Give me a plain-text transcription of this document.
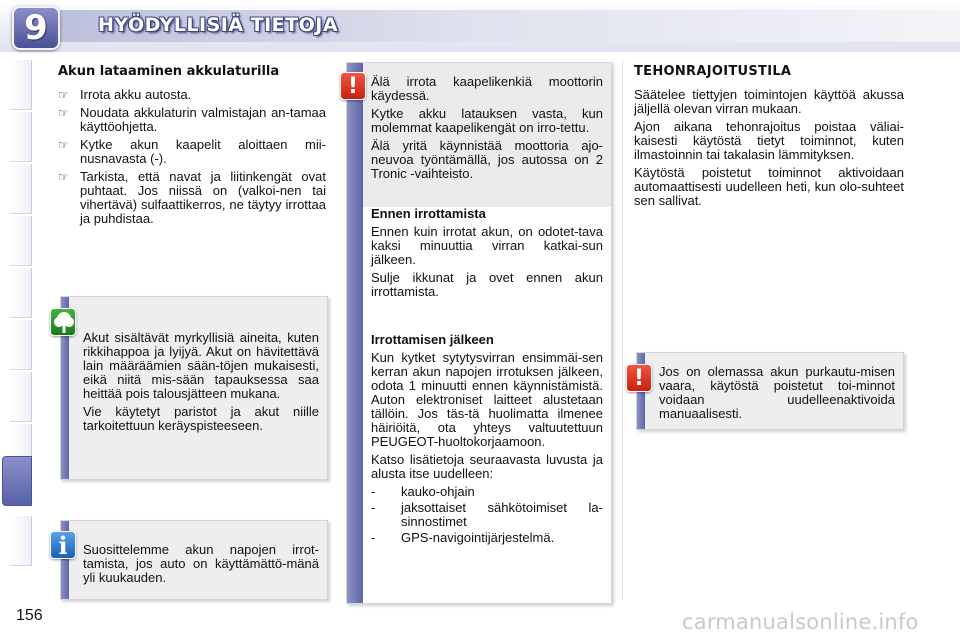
9	HYÖDYLLISIÄ TIETOJA
Akun lataaminen akkulaturilla
☞ Irrota akku autosta.
☞ Noudata akkulaturin valmistajan an-tamaa käyttöohjetta.
☞ Kytke akun kaapelit aloittaen mii-nusnavasta (-).
☞ Tarkista, että navat ja liitinkengät ovat puhtaat. Jos niissä on (valkoi-nen tai vihertävä) sulfaattikerros, ne täytyy irrottaa ja puhdistaa.

Akut sisältävät myrkyllisiä aineita, kuten rikkihappoa ja lyijyä. Akut on hävitettävä lain määräämien sään-töjen mukaisesti, eikä niitä mis-sään tapauksessa saa heittää pois talousjätteen mukana.

Vie käytetyt paristot ja akut niille tarkoitettuun keräyspisteeseen.

Suosittelemme akun napojen irrot-tamista, jos auto on käyttämättö-mänä yli kuukauden.
i

Älä irrota kaapelikenkiä moottorin käydessä.

Kytke akku latauksen vasta, kun molemmat kaapelikengät on irro-tettu.

Älä yritä käynnistää moottoria ajo-neuvoa työntämällä, jos autossa on 2 Tronic -vaihteisto.

Ennen irrottamista

Ennen kuin irrotat akun, on odotet-tava kaksi minuuttia virran katkai-sun jälkeen.

Sulje ikkunat ja ovet ennen akun irrottamista.

Irrottamisen jälkeen

Kun kytket sytytysvirran ensimmäi-sen kerran akun napojen irrotuksen jälkeen, odota 1 minuutti ennen käynnistämistä. Auton elektroniset laitteet alustetaan tällöin. Jos täs-tä huolimatta ilmenee häiriöitä, ota yhteys valtuutettuun PEUGEOT-huoltokorjaamoon.

Katso lisätietoja seuraavasta luvusta ja alusta itse uudelleen:

- kauko-ohjain
- jaksottaiset sähkötoimiset la-sinnostimet
- GPS-navigointijärjestelmä.
!
TEHONRAJOITUSTILA

Säätelee tiettyjen toimintojen käyttöä akussa jäljellä olevan virran mukaan.

Ajon aikana tehonrajoitus poistaa väliai-kaisesti käytöstä tietyt toiminnot, kuten ilmastoinnin tai takalasin lämmityksen.

Käytöstä poistetut toiminnot aktivoidaan automaattisesti uudelleen heti, kun olo-suhteet sen sallivat.

Jos on olemassa akun purkautu-misen vaara, käytöstä poistetut toi-minnot voidaan uudelleenaktivoida manuaalisesti.
!
156	carmanualsonline.info
